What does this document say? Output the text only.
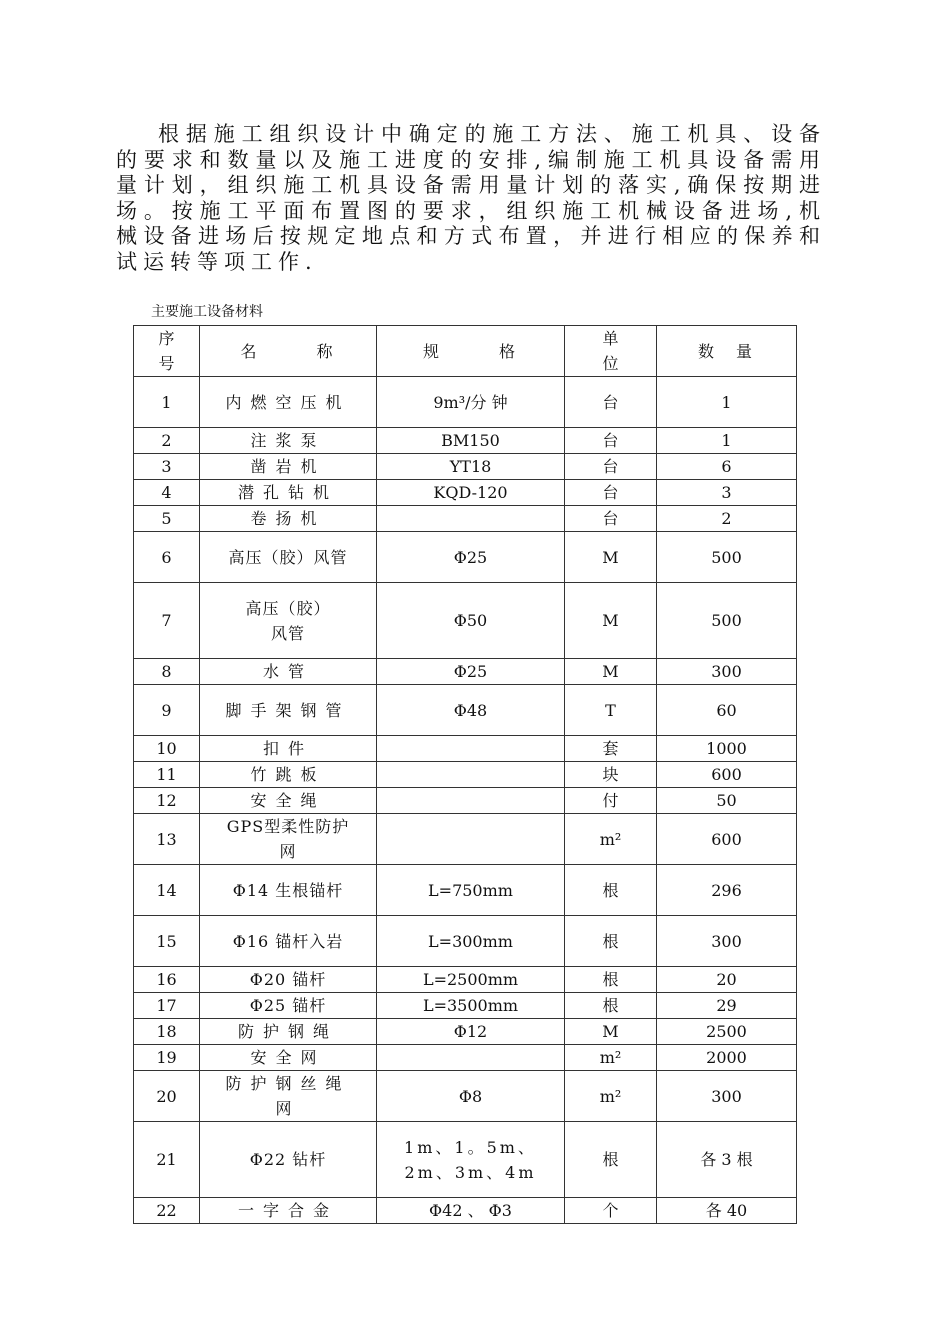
根据施工组织设计中确定的施工方法、施工机具、设备的要求和数量以及施工进度的安排,编制施工机具设备需用量计划，组织施工机具设备需用量计划的落实,确保按期进场。按施工平面布置图的要求，组织施工机械设备进场,机械设备进场后按规定地点和方式布置，并进行相应的保养和试运转等项工作.

主要施工设备材料

序号	名　　　称	规　　　格	单位	数　量
1	内燃空压机	9m³/分 钟	台	1
2	注浆泵	BM150	台	1
3	凿岩机	YT18	台	6
4	潜孔钻机	KQD-120	台	3
5	卷扬机		台	2
6	高压（胶）风管	Φ25	M	500
7	高压（胶）风管	Φ50	M	500
8	水管	Φ25	M	300
9	脚手架钢管	Φ48	T	60
10	扣件		套	1000
11	竹跳板		块	600
12	安全绳		付	50
13	GPS型柔性防护网		m²	600
14	Φ14 生根锚杆	L=750mm	根	296
15	Φ16 锚杆入岩	L=300mm	根	300
16	Φ20 锚杆	L=2500mm	根	20
17	Φ25 锚杆	L=3500mm	根	29
18	防护钢绳	Φ12	M	2500
19	安全网		m²	2000
20	防护钢丝绳网	Φ8	m²	300
21	Φ22 钻杆	1m、1。5m、2m、3m、4m	根	各 3 根
22	一字合金	Φ42 、 Φ3	个	各 40
